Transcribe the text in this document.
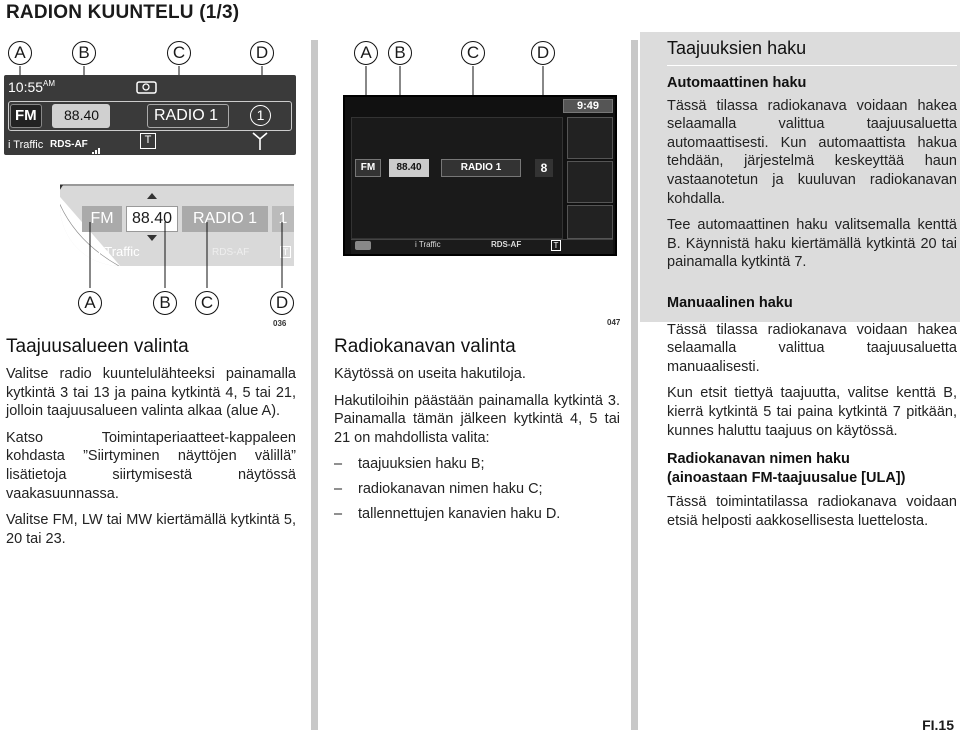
RADION KUUNTELU (1/3)
A	B	C	D
$10:55^{AM}$
FM 88.40	RADIO 1	1
i Traffic RDS-AF	T
FM	88.40	RADIO 1	1
i Traffic	RDS-AF	T
A	B	C	D
036
A	B	C	D
9:49
FM	88.40	RADIO 1	8
i Traffic	RDS-AF	T
047
Taajuusalueen valinta

Valitse radio kuuntelulähteeksi painamalla kytkintä 3 tai 13 ja paina kytkintä 4, 5 tai 21, jolloin taajuusalueen valinta alkaa (alue A).

Katso Toimintaperiaatteet-kappaleen kohdasta ”Siirtyminen näyttöjen välillä” lisätietoja siirtymisestä näytössä vaakasuunnassa.

Valitse FM, LW tai MW kiertämällä kytkintä 5, 20 tai 23.

Radiokanavan valinta

Käytössä on useita hakutiloja.

Hakutiloihin päästään painamalla kytkintä 3. Painamalla tämän jälkeen kytkintä 4, 5 tai 21 on mahdollista valita:

– taajuuksien haku B;
– radiokanavan nimen haku C;
– tallennettujen kanavien haku D.
Taajuuksien haku
Automaattinen haku

Tässä tilassa radiokanava voidaan hakea selaamalla valittua taajuusaluetta automaattisesti. Kun automaattista hakua tehdään, järjestelmä keskeyttää haun vastaanotetun ja kuuluvan radiokanavan kohdalla.

Tee automaattinen haku valitsemalla kenttä B. Käynnistä haku kiertämällä kytkintä 20 tai painamalla kytkintä 7.

Manuaalinen haku

Tässä tilassa radiokanava voidaan hakea selaamalla valittua taajuusaluetta manuaalisesti.

Kun etsit tiettyä taajuutta, valitse kenttä B, kierrä kytkintä 5 tai paina kytkintä 7 pitkään, kunnes haluttu taajuus on käytössä.

Radiokanavan nimen haku
(ainoastaan FM-taajuusalue [ULA])

Tässä toimintatilassa radiokanava voidaan etsiä helposti aakkosellisesta luettelosta.

FI.15
